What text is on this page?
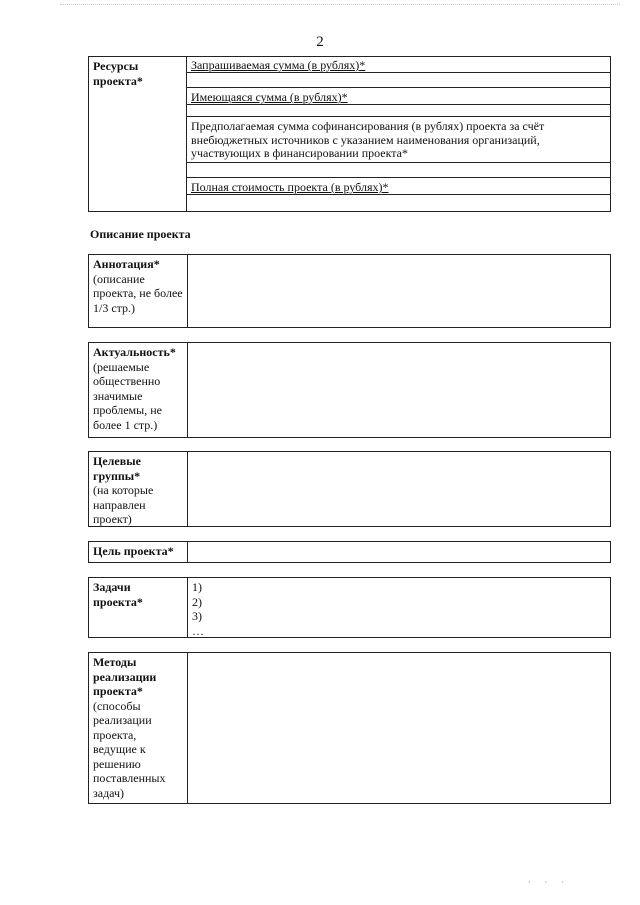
2
Ресурсы проекта*
Запрашиваемая сумма (в рублях)*
Имеющаяся сумма (в рублях)*
Предполагаемая сумма софинансирования (в рублях) проекта за счёт внебюджетных источников с указанием наименования организаций, участвующих в финансировании проекта*
Полная стоимость проекта (в рублях)*
Описание проекта
Аннотация*
(описание проекта, не более 1/3 стр.)
Актуальность*
(решаемые общественно значимые проблемы, не более 1 стр.)
Целевые группы*
(на которые направлен проект)
Цель проекта*
Задачи проекта*
1)
2)
3)
…
Методы реализации проекта*
(способы реализации проекта, ведущие к решению поставленных задач)
· · ·
